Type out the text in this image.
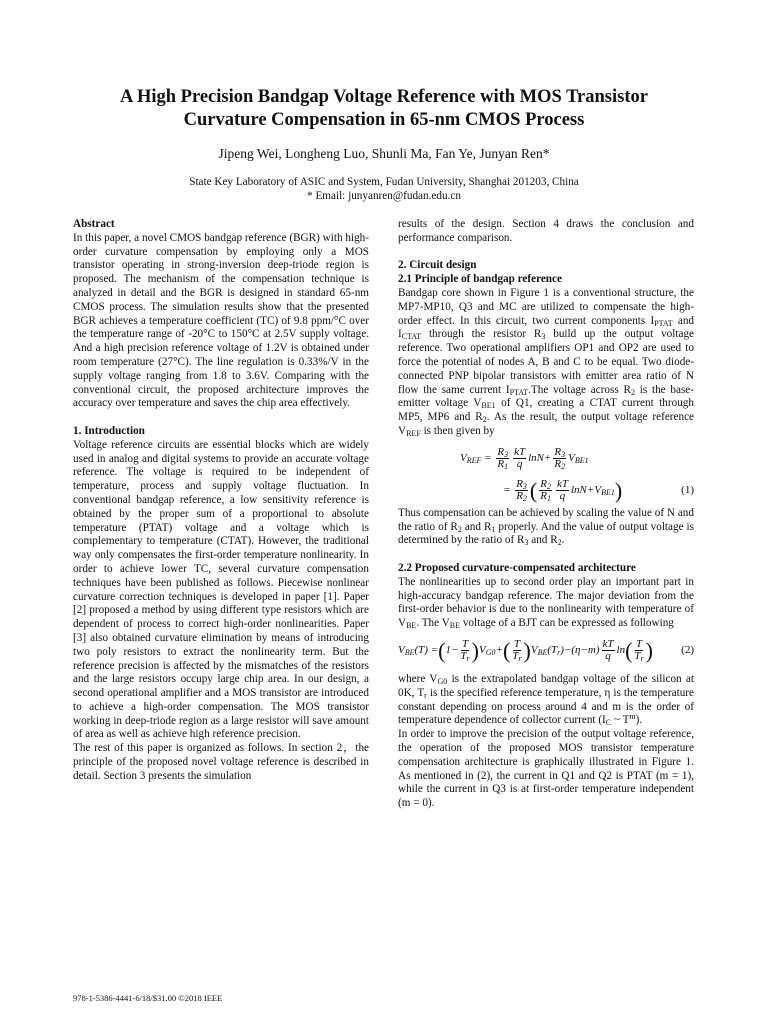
A High Precision Bandgap Voltage Reference with MOS Transistor
Curvature Compensation in 65-nm CMOS Process
Jipeng Wei, Longheng Luo, Shunli Ma, Fan Ye, Junyan Ren*
State Key Laboratory of ASIC and System, Fudan University, Shanghai 201203, China
* Email: junyanren@fudan.edu.cn

Abstract

In this paper, a novel CMOS bandgap reference (BGR) with high-order curvature compensation by employing only a MOS transistor operating in strong-inversion deep-triode region is proposed. The mechanism of the compensation technique is analyzed in detail and the BGR is designed in standard 65-nm CMOS process. The simulation results show that the presented BGR achieves a temperature coefficient (TC) of 9.8 ppm/°C over the temperature range of -20°C to 150°C at 2.5V supply voltage. And a high precision reference voltage of 1.2V is obtained under room temperature (27°C). The line regulation is 0.33%/V in the supply voltage ranging from 1.8 to 3.6V. Comparing with the conventional circuit, the proposed architecture improves the accuracy over temperature and saves the chip area effectively.

1. Introduction

Voltage reference circuits are essential blocks which are widely used in analog and digital systems to provide an accurate voltage reference. The voltage is required to be independent of temperature, process and supply voltage fluctuation. In conventional bandgap reference, a low sensitivity reference is obtained by the proper sum of a proportional to absolute temperature (PTAT) voltage and a voltage which is complementary to temperature (CTAT). However, the traditional way only compensates the first-order temperature nonlinearity. In order to achieve lower TC, several curvature compensation techniques have been published as follows. Piecewise nonlinear curvature correction techniques is developed in paper [1]. Paper [2] proposed a method by using different type resistors which are dependent of process to correct high-order nonlinearities. Paper [3] also obtained curvature elimination by means of introducing two poly resistors to extract the nonlinearity term. But the reference precision is affected by the mismatches of the resistors and the large resistors occupy large chip area. In our design, a second operational amplifier and a MOS transistor are introduced to achieve a high-order compensation. The MOS transistor working in deep-triode region as a large resistor will save amount of area as well as achieve high reference precision.

The rest of this paper is organized as follows. In section 2，the principle of the proposed novel voltage reference is described in detail. Section 3 presents the simulation

results of the design. Section 4 draws the conclusion and performance comparison.

2. Circuit design

2.1 Principle of bandgap reference

Bandgap core shown in Figure 1 is a conventional structure, the MP7-MP10, Q3 and MC are utilized to compensate the high-order effect. In this circuit, two current components $I_{PTAT}$ and $I_{CTAT}$ through the resistor $R_3$ build up the output voltage reference. Two operational amplifiers OP1 and OP2 are used to force the potential of nodes A, B and C to be equal. Two diode-connected PNP bipolar transistors with emitter area ratio of N flow the same current $I_{PTAT}.The$ voltage across $R_2$ is the base-emitter voltage $V_{BE1}$ of Q1, creating a CTAT current through MP5, MP6 and $R_2$. As the result, the output voltage reference $V_{REF}$ is then given by

$V_{REF} = \frac{R_3}{R_1} \frac{kT}{q}$ $\ln N + \frac{R_3}{R_2} V_{BE1}$
= $\frac{R_3}{R_2}$ ( $\frac{R_2}{R_1} \frac{kT}{q}$ $\ln N + V_{BE1}$ )	(1)

Thus compensation can be achieved by scaling the value of N and the ratio of $R_2$ and $R_1$ properly. And the value of output voltage is determined by the ratio of $R_3$ and $R_2$.

2.2 Proposed curvature-compensated architecture

The nonlinearities up to second order play an important part in high-accuracy bandgap reference. The major deviation from the first-order behavior is due to the nonlinearity with temperature of $V_{BE}$. The $V_{BE}$ voltage of a BJT can be expressed as following

$V_{BE}(T)$ = ( $1- \frac{T}{T_r}$ ) $V_{G0}$ + ( $\frac{T}{T_r}$ ) $V_{BE}(T_r) -(\eta-m) \frac{kT}{q}$ ln ( $\frac{T}{T_r}$ )	(2)

where $V_{G0}$ is the extrapolated bandgap voltage of the silicon at 0K, $T_r$ is the specified reference temperature, η is the temperature constant depending on process around 4 and m is the order of temperature dependence of collector current ($I_C$ ~ $T^m$).

In order to improve the precision of the output voltage reference, the operation of the proposed MOS transistor temperature compensation architecture is graphically illustrated in Figure 1. As mentioned in (2), the current in Q1 and Q2 is PTAT (m = 1), while the current in Q3 is at first-order temperature independent (m = 0).

978-1-5386-4441-6/18/$31.00 ©2018 IEEE
